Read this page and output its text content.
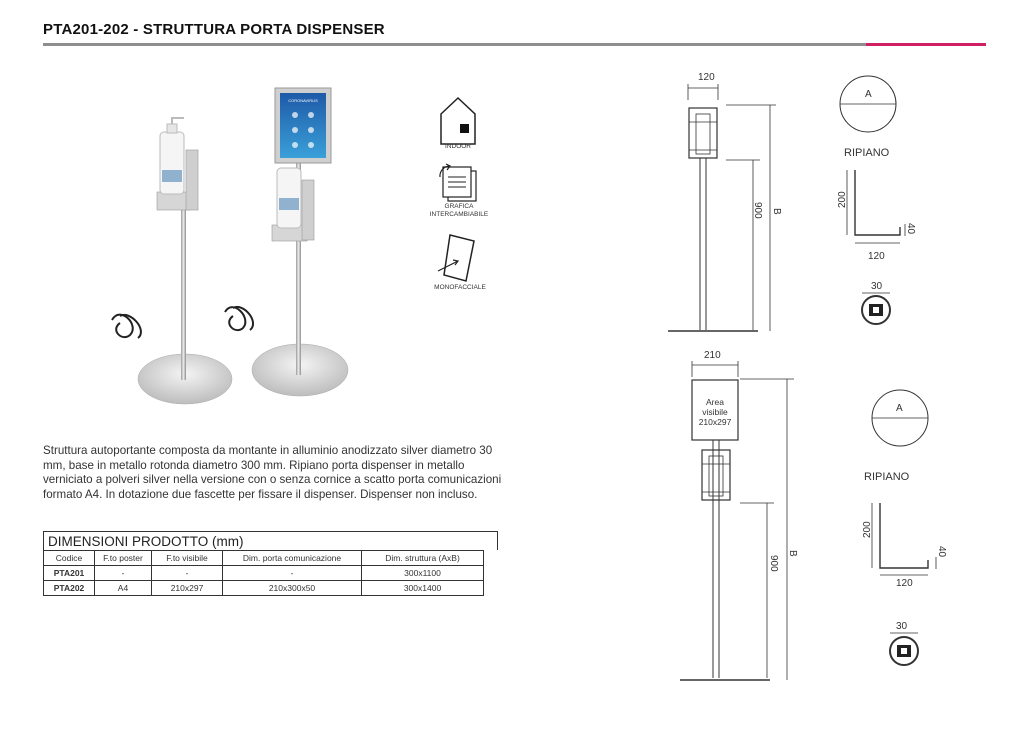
PTA201-202 - STRUTTURA PORTA DISPENSER
CORONAVIRUS
INDOOR
GRAFICA
INTERCAMBIABILE
MONOFACCIALE
Struttura autoportante composta da montante in alluminio anodizzato silver diametro 30 mm, base in metallo rotonda diametro 300 mm. Ripiano porta dispenser in metallo verniciato a polveri silver nella versione con o senza cornice a scatto porta comunicazioni formato A4. In dotazione due fascette per fissare il dispenser. Dispenser non incluso.
DIMENSIONI PRODOTTO (mm)
Codice	F.to poster	F.to visibile	Dim. porta comunicazione	Dim. struttura (AxB)
PTA201	-	-	-	300x1100
PTA202	A4	210x297	210x300x50	300x1400
120
900 B
A
RIPIANO
200
40
120
30
210
Area
visibile
210x297
900
B
A
RIPIANO
200
40
120
30
